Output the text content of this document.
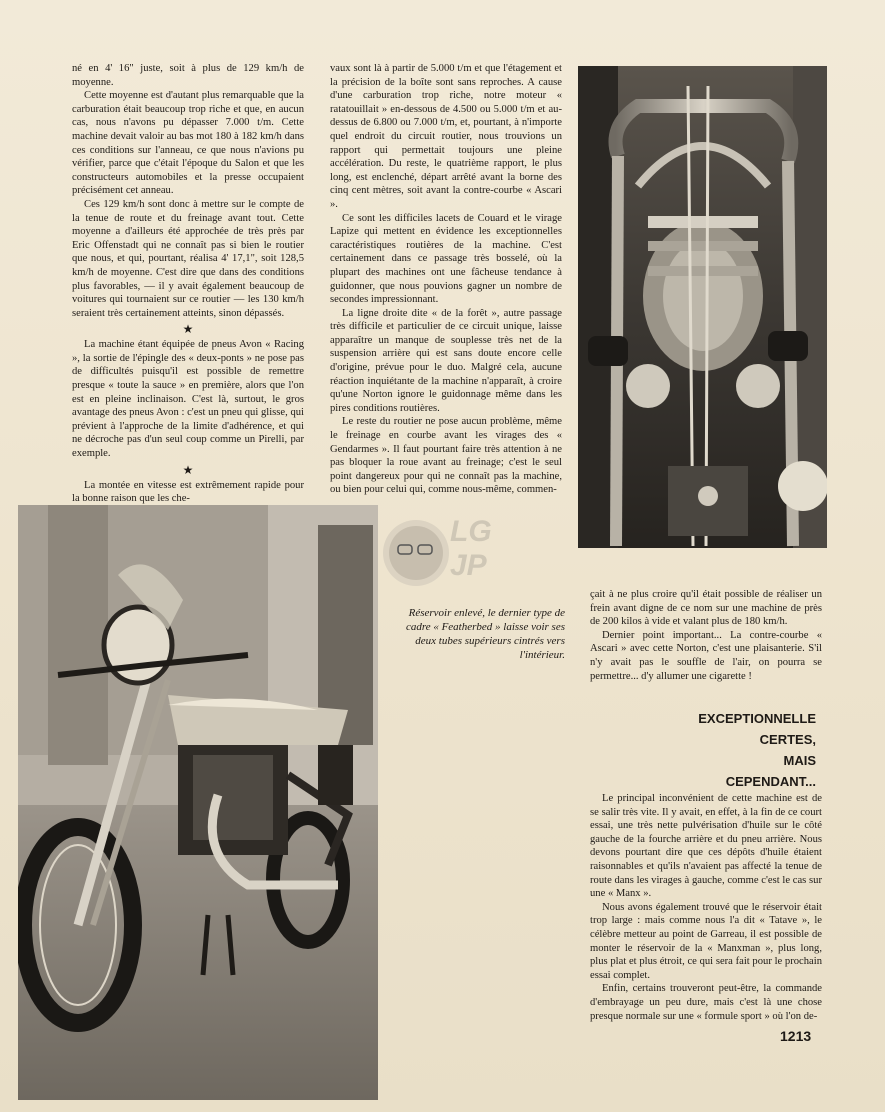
né en 4' 16" juste, soit à plus de 129 km/h de moyenne.

Cette moyenne est d'autant plus remarquable que la carburation était beaucoup trop riche et que, en aucun cas, nous n'avons pu dépasser 7.000 t/m. Cette machine devait valoir au bas mot 180 à 182 km/h dans ces conditions sur l'anneau, ce que nous n'avions pu vérifier, parce que c'était l'époque du Salon et que les constructeurs automobiles et la presse occupaient précisément cet anneau.

Ces 129 km/h sont donc à mettre sur le compte de la tenue de route et du freinage avant tout. Cette moyenne a d'ailleurs été approchée de très près par Eric Offenstadt qui ne connaît pas si bien le routier que nous, et qui, pourtant, réalisa 4' 17,1", soit 128,5 km/h de moyenne. C'est dire que dans des conditions plus favorables, — il y avait également beaucoup de voitures qui tournaient sur ce routier — les 130 km/h seraient très certainement atteints, sinon dépassés.

★

La machine étant équipée de pneus Avon « Racing », la sortie de l'épingle des « deux-ponts » ne pose pas de difficultés puisqu'il est possible de remettre presque « toute la sauce » en première, alors que l'on est en pleine inclinaison. C'est là, surtout, le gros avantage des pneus Avon : c'est un pneu qui glisse, qui prévient à l'approche de la limite d'adhérence, et qui ne décroche pas d'un seul coup comme un Pirelli, par exemple.

★

La montée en vitesse est extrêmement rapide pour la bonne raison que les che-

vaux sont là à partir de 5.000 t/m et que l'étagement et la précision de la boîte sont sans reproches. A cause d'une carburation trop riche, notre moteur « ratatouillait » en-dessous de 4.500 ou 5.000 t/m et au-dessus de 6.800 ou 7.000 t/m, et, pourtant, à n'importe quel endroit du circuit routier, nous trouvions un rapport qui permettait toujours une pleine accélération. Du reste, le quatrième rapport, le plus long, est enclenché, départ arrêté avant la borne des cinq cent mètres, soit avant la contre-courbe « Ascari ».

Ce sont les difficiles lacets de Couard et le virage Lapize qui mettent en évidence les exceptionnelles caractéristiques routières de la machine. C'est certainement dans ce passage très bosselé, où la plupart des machines ont une fâcheuse tendance à guidonner, que nous pouvions gagner un nombre de secondes impressionnant.

La ligne droite dite « de la forêt », autre passage très difficile et particulier de ce circuit unique, laisse apparaître un manque de souplesse très net de la suspension arrière qui est sans doute encore celle d'origine, prévue pour le duo. Malgré cela, aucune réaction inquiétante de la machine n'apparaît, à croire qu'une Norton ignore le guidonnage même dans les pires conditions routières.

Le reste du routier ne pose aucun problème, même le freinage en courbe avant les virages des « Gendarmes ». Il faut pourtant faire très attention à ne pas bloquer la roue avant au freinage; c'est le seul point dangereux pour qui ne connaît pas la machine, ou bien pour celui qui, comme nous-même, commen-

LG
JP
Réservoir enlevé, le dernier type de cadre « Featherbed » laisse voir ses deux tubes supérieurs cintrés vers l'intérieur.

çait à ne plus croire qu'il était possible de réaliser un frein avant digne de ce nom sur une machine de près de 200 kilos à vide et valant plus de 180 km/h.

Dernier point important... La contre-courbe « Ascari » avec cette Norton, c'est une plaisanterie. S'il n'y avait pas le souffle de l'air, on pourra se permettre... d'y allumer une cigarette !

EXCEPTIONNELLE
CERTES,
MAIS
CEPENDANT...

Le principal inconvénient de cette machine est de se salir très vite. Il y avait, en effet, à la fin de ce court essai, une très nette pulvérisation d'huile sur le côté gauche de la fourche arrière et du pneu arrière. Nous devons pourtant dire que ces dépôts d'huile étaient raisonnables et qu'ils n'avaient pas affecté la tenue de route dans les virages à gauche, comme c'est le cas sur une « Manx ».

Nous avons également trouvé que le réservoir était trop large : mais comme nous l'a dit « Tatave », le célèbre metteur au point de Garreau, il est possible de monter le réservoir de la « Manxman », plus long, plus plat et plus étroit, ce qui sera fait pour le prochain essai complet.

Enfin, certains trouveront peut-être, la commande d'embrayage un peu dure, mais c'est là une chose presque normale sur une « formule sport » où l'on de-

1213
